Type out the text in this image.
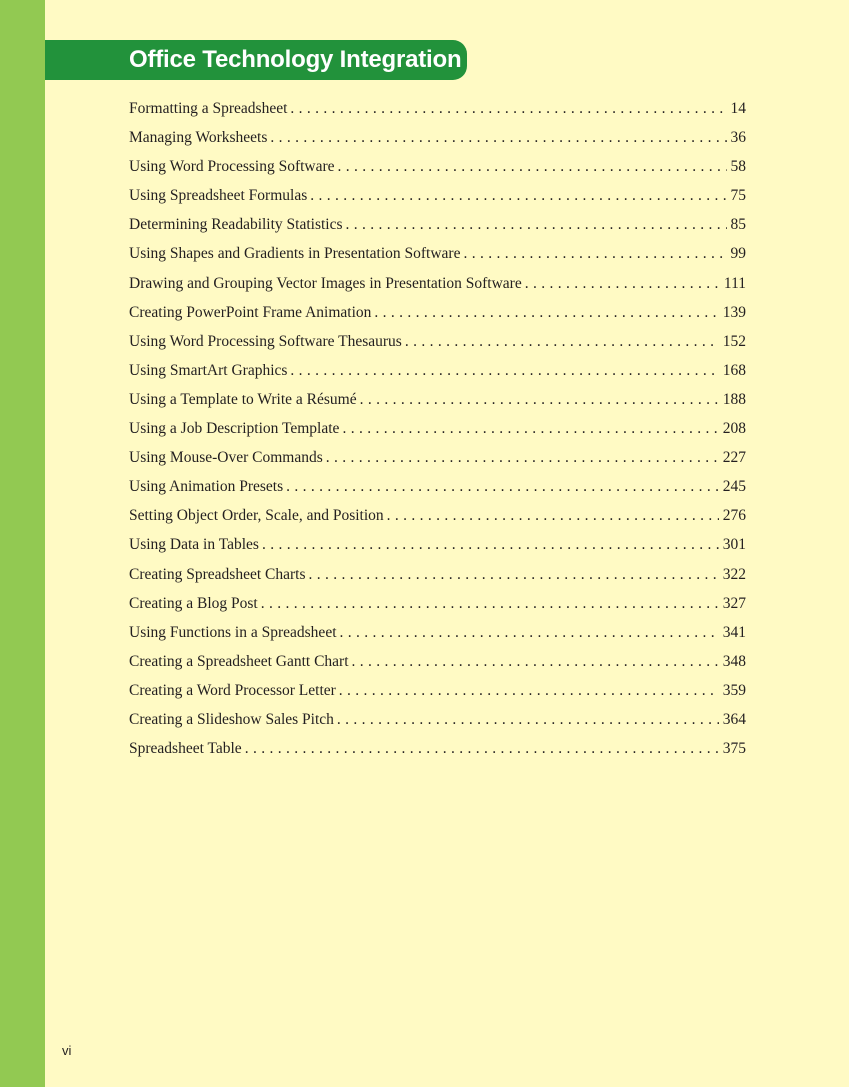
Office Technology Integration
Formatting a Spreadsheet . . .	14
Managing Worksheets . . .	36
Using Word Processing Software . . .	58
Using Spreadsheet Formulas . . .	75
Determining Readability Statistics . . .	85
Using Shapes and Gradients in Presentation Software . . .	99
Drawing and Grouping Vector Images in Presentation Software . . .	111
Creating PowerPoint Frame Animation . . .	139
Using Word Processing Software Thesaurus . . .	152
Using SmartArt Graphics . . .	168
Using a Template to Write a Résumé . . .	188
Using a Job Description Template . . .	208
Using Mouse-Over Commands . . .	227
Using Animation Presets . . .	245
Setting Object Order, Scale, and Position . . .	276
Using Data in Tables . . .	301
Creating Spreadsheet Charts . . .	322
Creating a Blog Post . . .	327
Using Functions in a Spreadsheet . . .	341
Creating a Spreadsheet Gantt Chart . . .	348
Creating a Word Processor Letter . . .	359
Creating a Slideshow Sales Pitch . . .	364
Spreadsheet Table . . .	375
vi
